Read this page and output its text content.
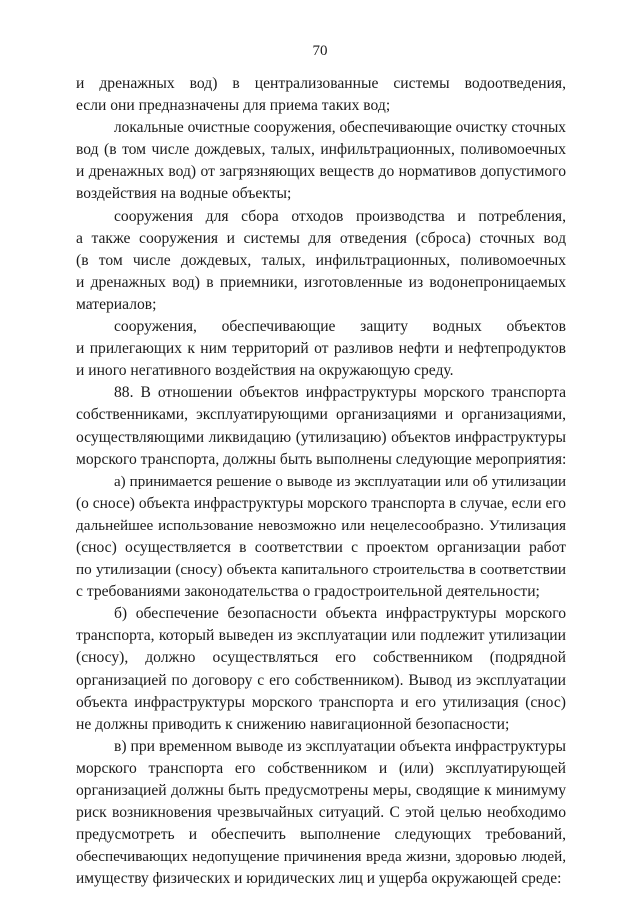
70
и дренажных вод) в централизованные системы водоотведения,
если они предназначены для приема таких вод;
локальные очистные сооружения, обеспечивающие очистку сточных
вод (в том числе дождевых, талых, инфильтрационных, поливомоечных
и дренажных вод) от загрязняющих веществ до нормативов допустимого
воздействия на водные объекты;
сооружения для сбора отходов производства и потребления,
а также сооружения и системы для отведения (сброса) сточных вод
(в том числе дождевых, талых, инфильтрационных, поливомоечных
и дренажных вод) в приемники, изготовленные из водонепроницаемых
материалов;
сооружения, обеспечивающие защиту водных объектов
и прилегающих к ним территорий от разливов нефти и нефтепродуктов
и иного негативного воздействия на окружающую среду.
88. В отношении объектов инфраструктуры морского транспорта
собственниками, эксплуатирующими организациями и организациями,
осуществляющими ликвидацию (утилизацию) объектов инфраструктуры
морского транспорта, должны быть выполнены следующие мероприятия:
а) принимается решение о выводе из эксплуатации или об утилизации
(о сносе) объекта инфраструктуры морского транспорта в случае, если его
дальнейшее использование невозможно или нецелесообразно. Утилизация
(снос) осуществляется в соответствии с проектом организации работ
по утилизации (сносу) объекта капитального строительства в соответствии
с требованиями законодательства о градостроительной деятельности;
б) обеспечение безопасности объекта инфраструктуры морского
транспорта, который выведен из эксплуатации или подлежит утилизации
(сносу), должно осуществляться его собственником (подрядной
организацией по договору с его собственником). Вывод из эксплуатации
объекта инфраструктуры морского транспорта и его утилизация (снос)
не должны приводить к снижению навигационной безопасности;
в) при временном выводе из эксплуатации объекта инфраструктуры
морского транспорта его собственником и (или) эксплуатирующей
организацией должны быть предусмотрены меры, сводящие к минимуму
риск возникновения чрезвычайных ситуаций. С этой целью необходимо
предусмотреть и обеспечить выполнение следующих требований,
обеспечивающих недопущение причинения вреда жизни, здоровью людей,
имуществу физических и юридических лиц и ущерба окружающей среде:
